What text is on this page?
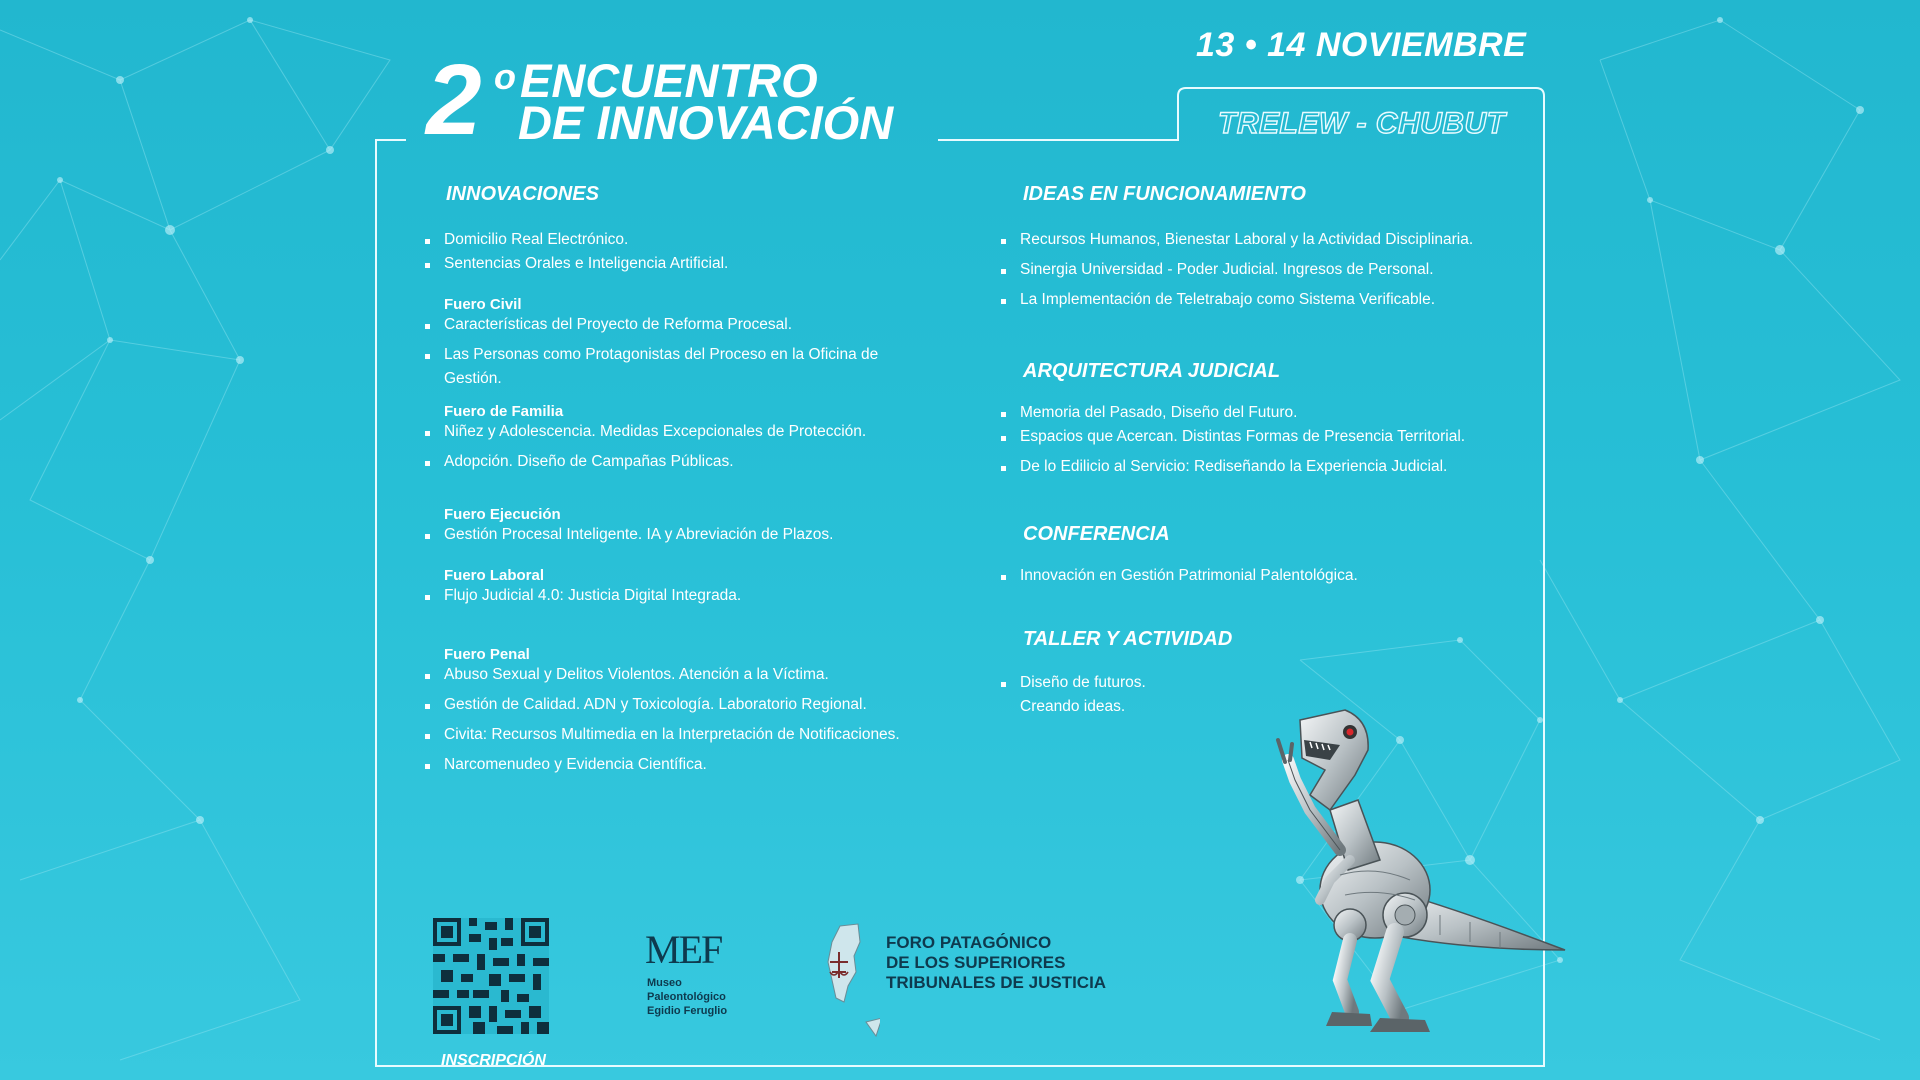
13 • 14 NOVIEMBRE
TRELEW - CHUBUT
2 o ENCUENTRO
DE INNOVACIÓN

INNOVACIONES

Domicilio Real Electrónico.
Sentencias Orales e Inteligencia Artificial.

Fuero Civil

Características del Proyecto de Reforma Procesal.
Las Personas como Protagonistas del Proceso en la Oficina de Gestión.

Fuero de Familia

Niñez y Adolescencia. Medidas Excepcionales de Protección.
Adopción. Diseño de Campañas Públicas.

Fuero Ejecución

Gestión Procesal Inteligente. IA y Abreviación de Plazos.

Fuero Laboral

Flujo Judicial 4.0: Justicia Digital Integrada.

Fuero Penal

Abuso Sexual y Delitos Violentos. Atención a la Víctima.
Gestión de Calidad. ADN y Toxicología. Laboratorio Regional.
Civita: Recursos Multimedia en la Interpretación de Notificaciones.
Narcomenudeo y Evidencia Científica.

IDEAS EN FUNCIONAMIENTO

Recursos Humanos, Bienestar Laboral y la Actividad Disciplinaria.
Sinergia Universidad - Poder Judicial. Ingresos de Personal.
La Implementación de Teletrabajo como Sistema Verificable.

ARQUITECTURA JUDICIAL

Memoria del Pasado, Diseño del Futuro.
Espacios que Acercan. Distintas Formas de Presencia Territorial.
De lo Edilicio al Servicio: Rediseñando la Experiencia Judicial.

CONFERENCIA

Innovación en Gestión Patrimonial Palentológica.

TALLER Y ACTIVIDAD

Diseño de futuros.
Creando ideas.
INSCRIPCIÓN
MEF
Museo
Paleontológico
Egidio Feruglio
FORO PATAGÓNICO
DE LOS SUPERIORES
TRIBUNALES DE JUSTICIA
